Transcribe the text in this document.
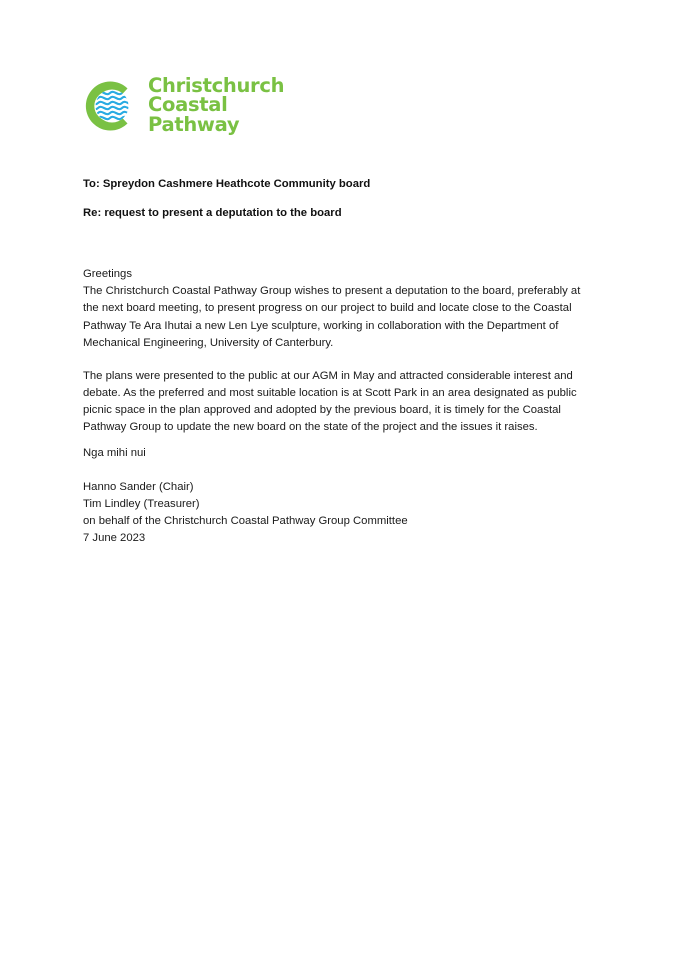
Christchurch
Coastal
Pathway

To: Spreydon Cashmere Heathcote Community board

Re: request to present a deputation to the board

Greetings

The Christchurch Coastal Pathway Group wishes to present a deputation to the board, preferably at the next board meeting, to present progress on our project to build and locate close to the Coastal Pathway Te Ara Ihutai a new Len Lye sculpture, working in collaboration with the Department of Mechanical Engineering, University of Canterbury.

The plans were presented to the public at our AGM in May and attracted considerable interest and debate. As the preferred and most suitable location is at Scott Park in an area designated as public picnic space in the plan approved and adopted by the previous board, it is timely for the Coastal Pathway Group to update the new board on the state of the project and the issues it raises.

Nga mihi nui

Hanno Sander (Chair)
Tim Lindley (Treasurer)
on behalf of the Christchurch Coastal Pathway Group Committee
7 June 2023
